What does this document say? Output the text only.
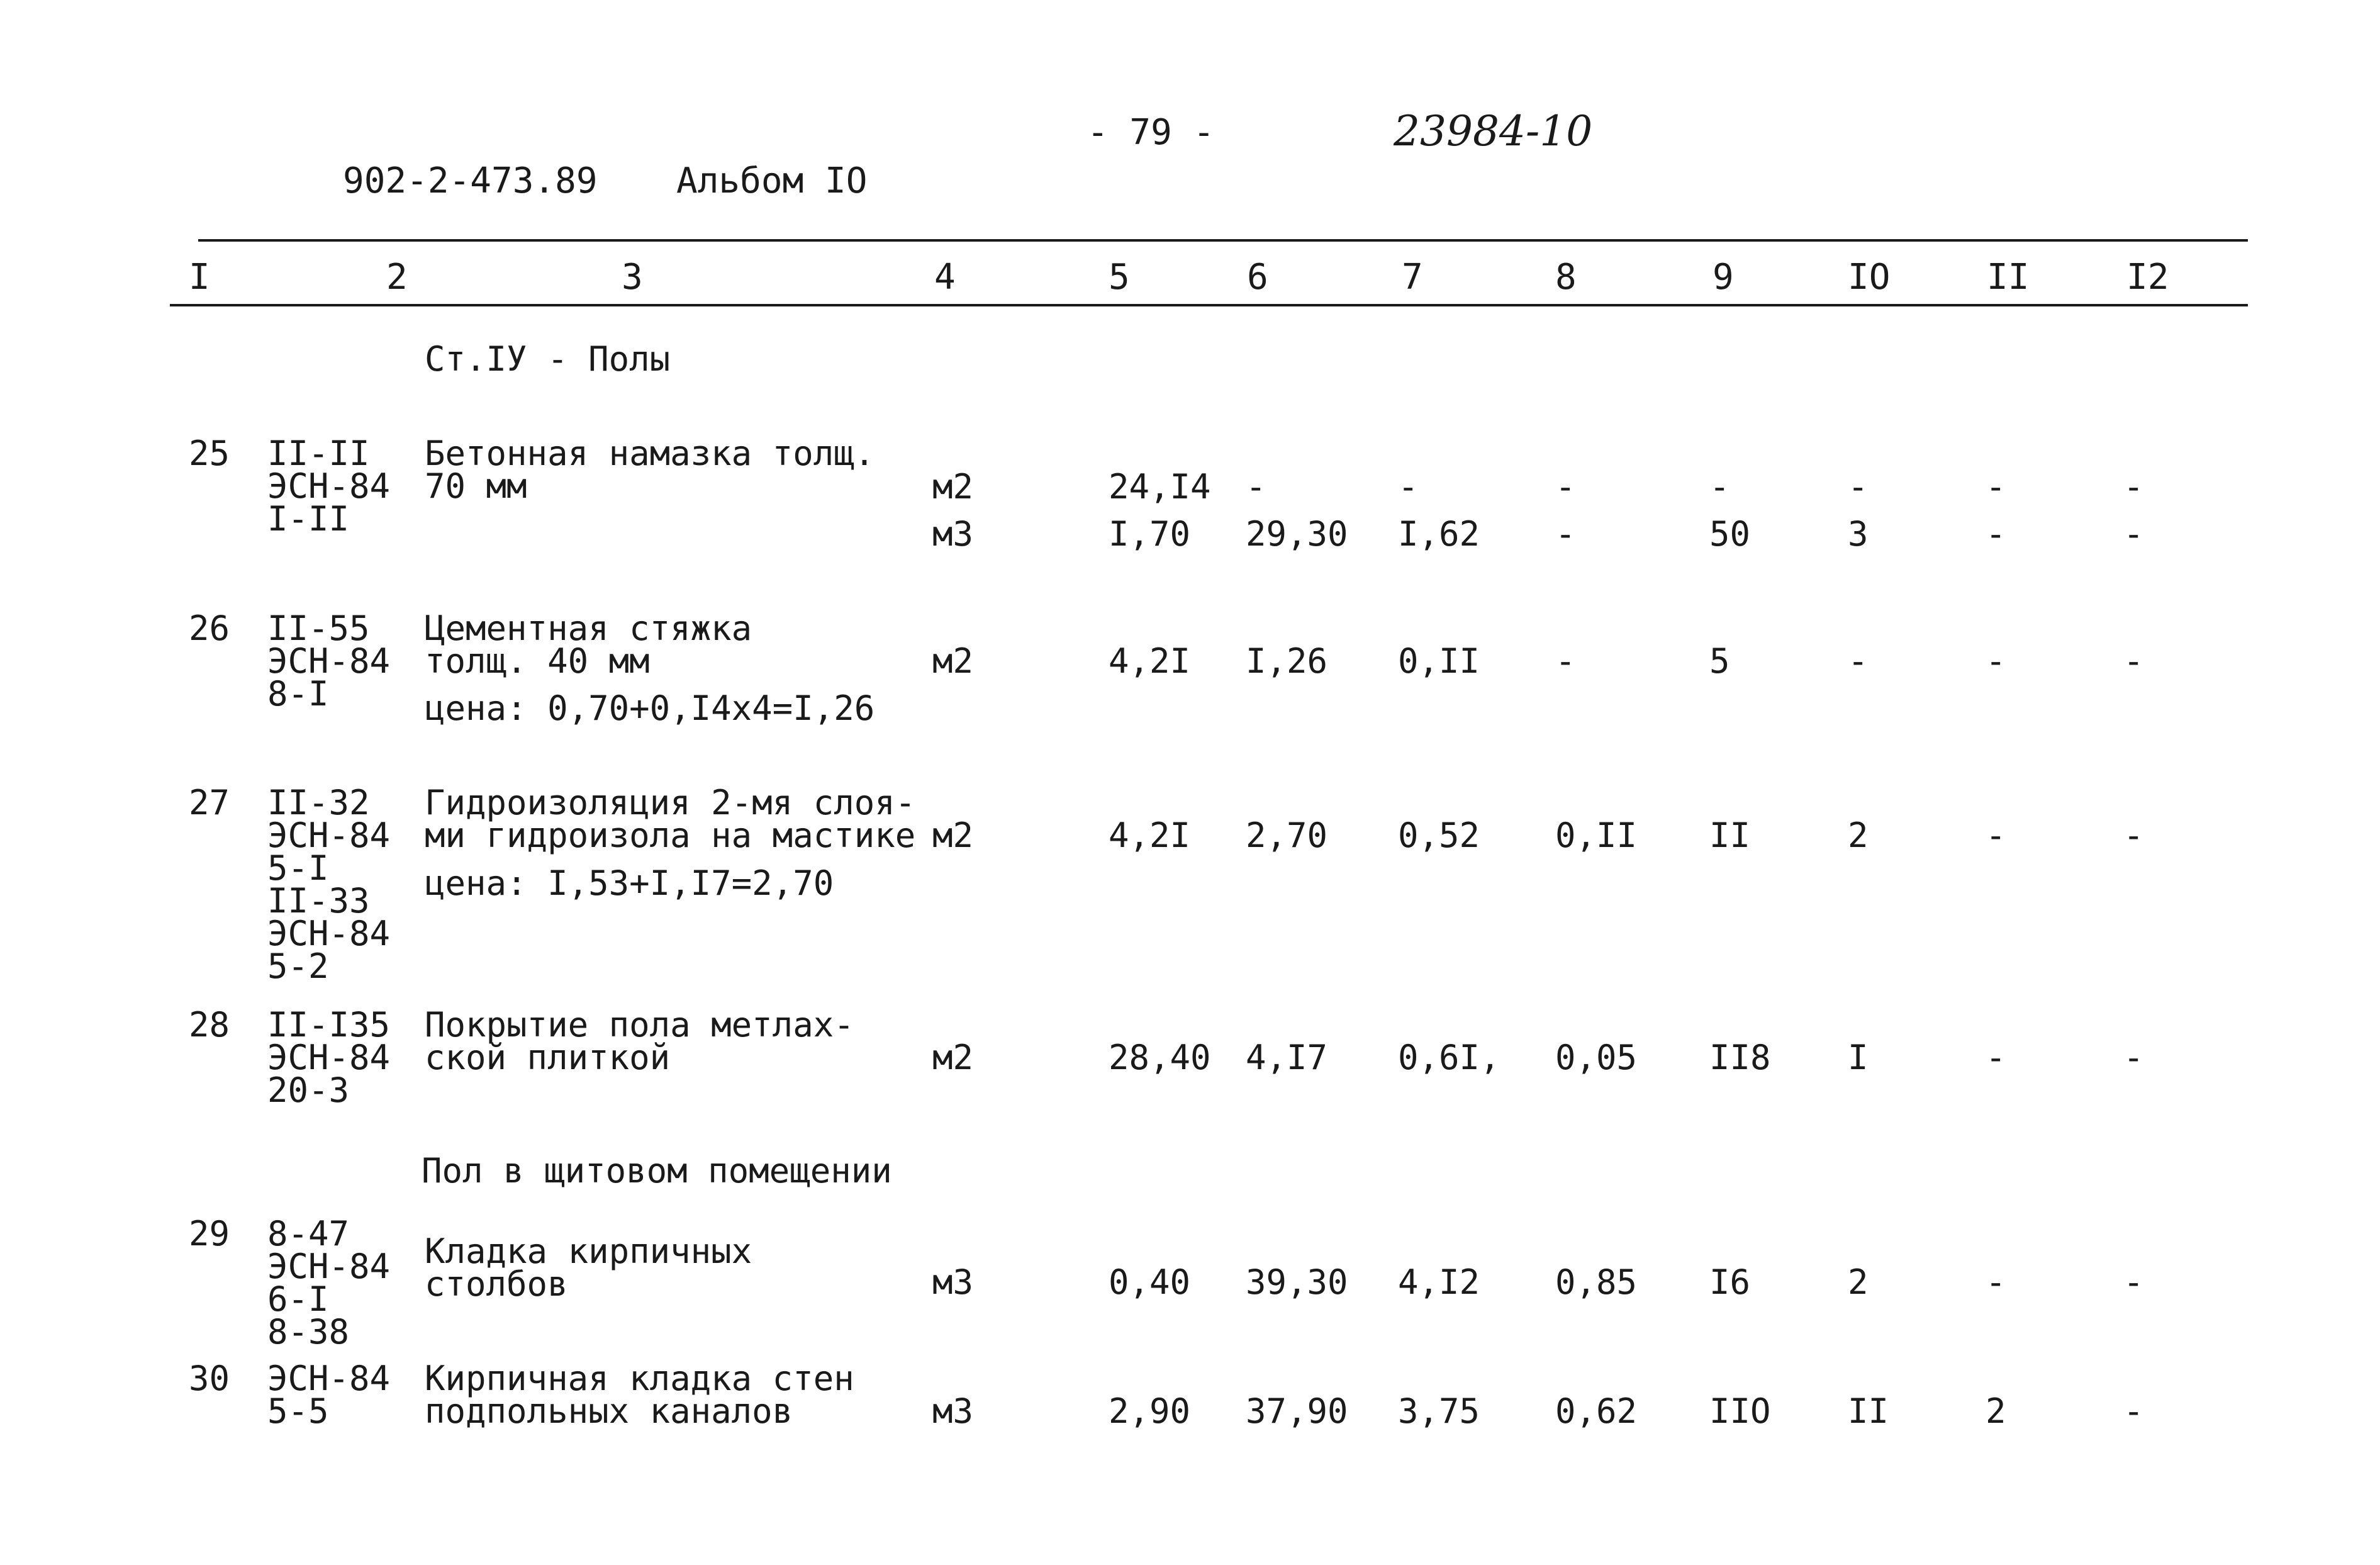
902-2-473.89 Альбом IO
- 79 -	23984-10
I	2	3	4	5	6	7	8	9	IO	II	I2
Ст.IУ - Полы
25 II-II
ЭСН-84
I-II
Бетонная намазка толщ.
70 мм	м2	24,I4 -	-	-	-	-	-	-
м3	I,70 29,30 I,62 -	50	3	-	-
26 II-55
ЭСН-84
8-I
Цементная стяжка
толщ. 40 мм
цена: 0,70+0,I4x4=I,26
м2	4,2I I,26 0,II -	5	-	-	-
27 II-32
ЭСН-84
5-I
II-33
ЭСН-84
5-2
Гидроизоляция 2-мя слоя-
ми гидроизола на мастике
цена: I,53+I,I7=2,70
м2	4,2I 2,70 0,52 0,II II	2	-	-
28 II-I35
ЭСН-84
20-3
Покрытие пола метлах-
ской плиткой	м2	28,40 4,I7 0,6I, 0,05 II8 I	-	-
Пол в щитовом помещении
29 8-47
ЭСН-84
6-I
8-38
Кладка кирпичных
столбов	м3	0,40 39,30 4,I2 0,85 I6	2	-	-
30 ЭСН-84
5-5
Кирпичная кладка стен
подпольных каналов	м3	2,90 37,90 3,75 0,62 IIO II	2	-
